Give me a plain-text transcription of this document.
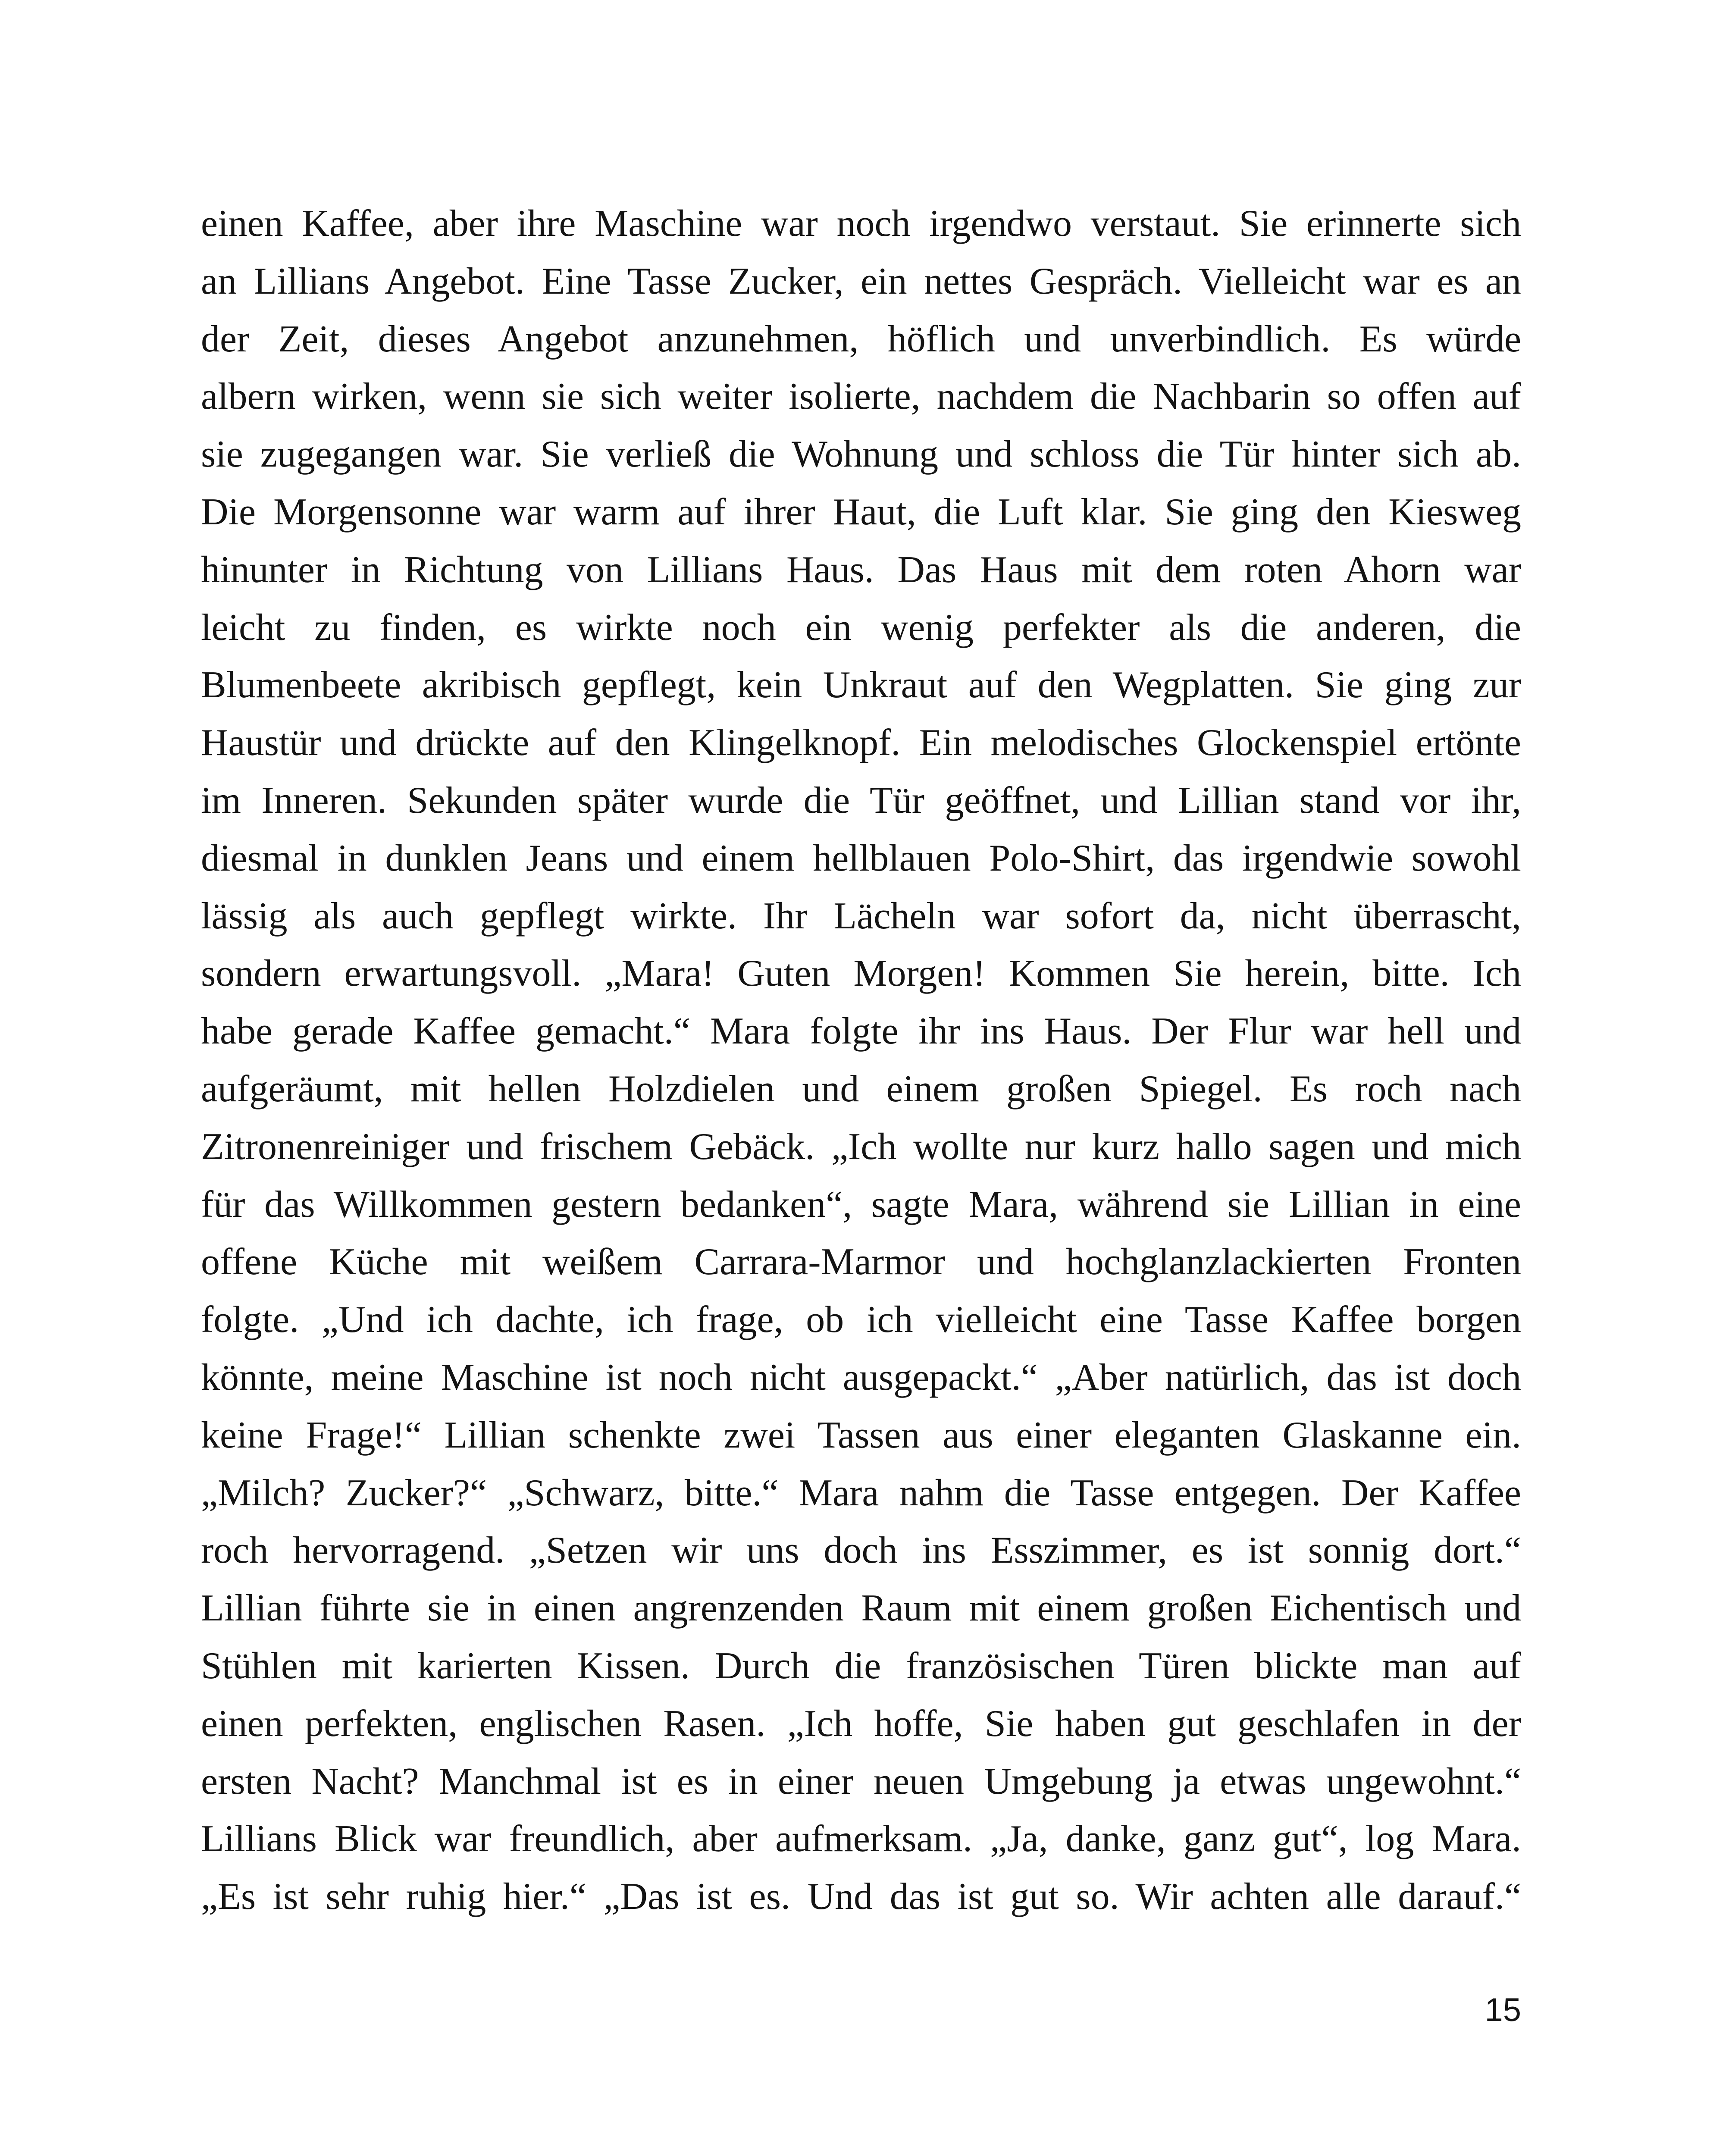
einen Kaffee, aber ihre Maschine war noch irgendwo verstaut. Sie erinnerte sich
an Lillians Angebot. Eine Tasse Zucker, ein nettes Gespräch. Vielleicht war es an
der Zeit, dieses Angebot anzunehmen, höflich und unverbindlich. Es würde
albern wirken, wenn sie sich weiter isolierte, nachdem die Nachbarin so offen auf
sie zugegangen war. Sie verließ die Wohnung und schloss die Tür hinter sich ab.
Die Morgensonne war warm auf ihrer Haut, die Luft klar. Sie ging den Kiesweg
hinunter in Richtung von Lillians Haus. Das Haus mit dem roten Ahorn war
leicht zu finden, es wirkte noch ein wenig perfekter als die anderen, die
Blumenbeete akribisch gepflegt, kein Unkraut auf den Wegplatten. Sie ging zur
Haustür und drückte auf den Klingelknopf. Ein melodisches Glockenspiel ertönte
im Inneren. Sekunden später wurde die Tür geöffnet, und Lillian stand vor ihr,
diesmal in dunklen Jeans und einem hellblauen Polo-Shirt, das irgendwie sowohl
lässig als auch gepflegt wirkte. Ihr Lächeln war sofort da, nicht überrascht,
sondern erwartungsvoll. „Mara! Guten Morgen! Kommen Sie herein, bitte. Ich
habe gerade Kaffee gemacht.“ Mara folgte ihr ins Haus. Der Flur war hell und
aufgeräumt, mit hellen Holzdielen und einem großen Spiegel. Es roch nach
Zitronenreiniger und frischem Gebäck. „Ich wollte nur kurz hallo sagen und mich
für das Willkommen gestern bedanken“, sagte Mara, während sie Lillian in eine
offene Küche mit weißem Carrara-Marmor und hochglanzlackierten Fronten
folgte. „Und ich dachte, ich frage, ob ich vielleicht eine Tasse Kaffee borgen
könnte, meine Maschine ist noch nicht ausgepackt.“ „Aber natürlich, das ist doch
keine Frage!“ Lillian schenkte zwei Tassen aus einer eleganten Glaskanne ein.
„Milch? Zucker?“ „Schwarz, bitte.“ Mara nahm die Tasse entgegen. Der Kaffee
roch hervorragend. „Setzen wir uns doch ins Esszimmer, es ist sonnig dort.“
Lillian führte sie in einen angrenzenden Raum mit einem großen Eichentisch und
Stühlen mit karierten Kissen. Durch die französischen Türen blickte man auf
einen perfekten, englischen Rasen. „Ich hoffe, Sie haben gut geschlafen in der
ersten Nacht? Manchmal ist es in einer neuen Umgebung ja etwas ungewohnt.“
Lillians Blick war freundlich, aber aufmerksam. „Ja, danke, ganz gut“, log Mara.
„Es ist sehr ruhig hier.“ „Das ist es. Und das ist gut so. Wir achten alle darauf.“
15
